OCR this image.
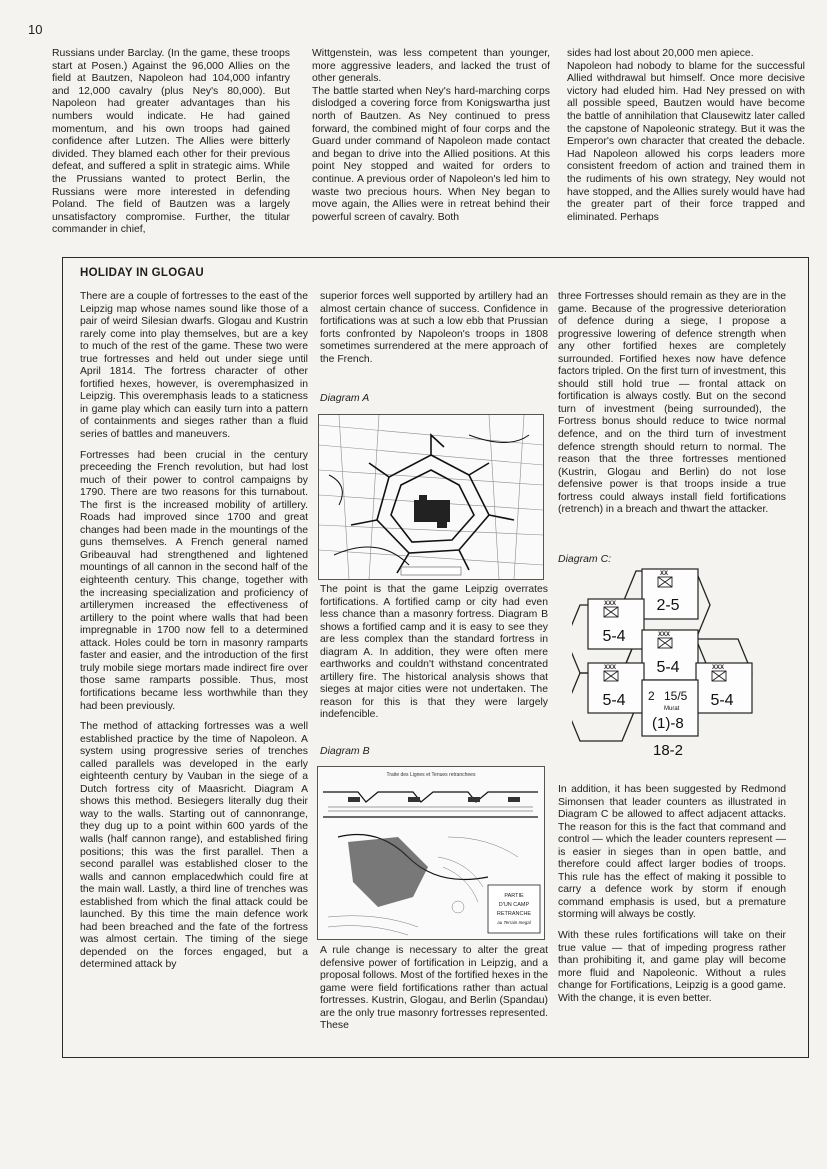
10

Russians under Barclay. (In the game, these troops start at Posen.) Against the 96,000 Allies on the field at Bautzen, Napoleon had 104,000 infantry and 12,000 cavalry (plus Ney's 80,000). But Napoleon had greater advantages than his numbers would indicate. He had gained momentum, and his own troops had gained confidence after Lutzen. The Allies were bitterly divided. They blamed each other for their previous defeat, and suffered a split in strategic aims. While the Prussians wanted to protect Berlin, the Russians were more interested in defending Poland. The field of Bautzen was a largely unsatisfactory compromise. Further, the titular commander in chief,

Wittgenstein, was less competent than younger, more aggressive leaders, and lacked the trust of other generals.
The battle started when Ney's hard-marching corps dislodged a covering force from Konigswartha just north of Bautzen. As Ney continued to press forward, the combined might of four corps and the Guard under command of Napoleon made contact and began to drive into the Allied positions. At this point Ney stopped and waited for orders to continue. A previous order of Napoleon's led him to waste two precious hours. When Ney began to move again, the Allies were in retreat behind their powerful screen of cavalry. Both

sides had lost about 20,000 men apiece.
Napoleon had nobody to blame for the successful Allied withdrawal but himself. Once more decisive victory had eluded him. Had Ney pressed on with all possible speed, Bautzen would have become the battle of annihilation that Clausewitz later called the capstone of Napoleonic strategy. But it was the Emperor's own character that created the debacle. Had Napoleon allowed his corps leaders more consistent freedom of action and trained them in the rudiments of his own strategy, Ney would not have stopped, and the Allies surely would have had the greater part of their force trapped and eliminated. Perhaps

HOLIDAY IN GLOGAU

There are a couple of fortresses to the east of the Leipzig map whose names sound like those of a pair of weird Silesian dwarfs. Glogau and Kustrin rarely come into play themselves, but are a key to much of the rest of the game. These two were true fortresses and held out under siege until April 1814. The fortress character of other fortified hexes, however, is overemphasized in Leipzig. This overemphasis leads to a staticness in game play which can easily turn into a pattern of containments and sieges rather than a fluid series of battles and maneuvers.

Fortresses had been crucial in the century preceeding the French revolution, but had lost much of their power to control campaigns by 1790. There are two reasons for this turnabout. The first is the increased mobility of artillery. Roads had improved since 1700 and great changes had been made in the mountings of the guns themselves. A French general named Gribeauval had strengthened and lightened mountings of all cannon in the second half of the eighteenth century. This change, together with the increasing specialization and proficiency of artillerymen increased the effectiveness of artillery to the point where walls that had been impregnable in 1700 now fell to a determined attack. Holes could be torn in masonry ramparts faster and easier, and the introduction of the first truly mobile siege mortars made indirect fire over those same ramparts possible. Thus, most fortifications became less worthwhile than they had been previously.

The method of attacking fortresses was a well established practice by the time of Napoleon. A system using progressive series of trenches called parallels was developed in the early eighteenth century by Vauban in the siege of a Dutch fortress city of Maasricht. Diagram A shows this method. Besiegers literally dug their way to the walls. Starting out of cannonrange, they dug up to a point within 600 yards of the walls (half cannon range), and established firing positions; this was the first parallel. Then a second parallel was established closer to the walls and cannon emplacedwhich could fire at the main wall. Lastly, a third line of trenches was established from which the final attack could be launched. By this time the main defence work had been breached and the fate of the fortress was almost certain. The timing of the siege depended on the forces engaged, but a determined attack by

superior forces well supported by artillery had an almost certain chance of success. Confidence in fortifications was at such a low ebb that Prussian forts confronted by Napoleon's troops in 1808 sometimes surrendered at the mere approach of the French.

Diagram A

The point is that the game Leipzig overrates fortifications. A fortified camp or city had even less chance than a masonry fortress. Diagram B shows a fortified camp and it is easy to see they are less complex than the standard fortress in diagram A. In addition, they were often mere earthworks and couldn't withstand concentrated artillery fire. The historical analysis shows that sieges at major cities were not undertaken. The reason for this is that they were largely indefencible.

Diagram B
Traite des Lignes et Tenues retranchees
PARTIE
D'UN CAMP
RETRANCHE
au Terrain Inegal

A rule change is necessary to alter the great defensive power of fortification in Leipzig, and a proposal follows. Most of the fortified hexes in the game were field fortifications rather than actual fortresses. Kustrin, Glogau, and Berlin (Spandau) are the only true masonry fortresses represented. These

three Fortresses should remain as they are in the game. Because of the progressive deterioration of defence during a siege, I propose a progressive lowering of defence strength when any other fortified hexes are completely surrounded. Fortified hexes now have defence factors tripled. On the first turn of investment, this should still hold true — frontal attack on fortification is always costly. But on the second turn of investment (being surrounded), the Fortress bonus should reduce to twice normal defence, and on the third turn of investment defence strength should return to normal. The reason that the three fortresses mentioned (Kustrin, Glogau and Berlin) do not lose defensive power is that troops inside a true fortress could always install field fortifications (retrench) in a breach and thwart the attacker.

Diagram C:
XX
XXX
XXX
XXX	XXX
2-5
5-4
5-4
5-4	5-4
18-2
2 15/5
Murat
(1)-8

In addition, it has been suggested by Redmond Simonsen that leader counters as illustrated in Diagram C be allowed to affect adjacent attacks. The reason for this is the fact that command and control — which the leader counters represent — is easier in sieges than in open battle, and therefore could affect larger bodies of troops. This rule has the effect of making it possible to carry a defence work by storm if enough command emphasis is used, but a premature storming will always be costly.

With these rules fortifications will take on their true value — that of impeding progress rather than prohibiting it, and game play will become more fluid and Napoleonic. Without a rules change for Fortifications, Leipzig is a good game. With the change, it is even better.
